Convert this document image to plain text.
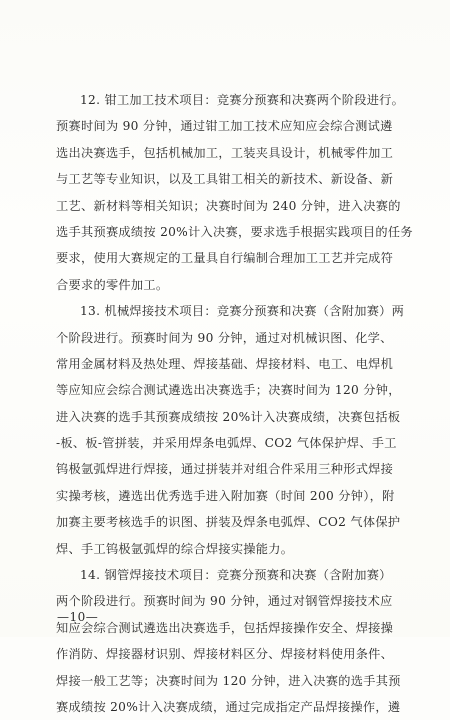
12. 钳工加工技术项目：竞赛分预赛和决赛两个阶段进行。
预赛时间为 90 分钟，通过钳工加工技术应知应会综合测试遴
选出决赛选手，包括机械加工，工装夹具设计，机械零件加工
与工艺等专业知识，以及工具钳工相关的新技术、新设备、新
工艺、新材料等相关知识；决赛时间为 240 分钟，进入决赛的
选手其预赛成绩按 20%计入决赛，要求选手根据实践项目的任务
要求，使用大赛规定的工量具自行编制合理加工工艺并完成符
合要求的零件加工。
13. 机械焊接技术项目：竞赛分预赛和决赛（含附加赛）两
个阶段进行。预赛时间为 90 分钟，通过对机械识图、化学、
常用金属材料及热处理、焊接基础、焊接材料、电工、电焊机
等应知应会综合测试遴选出决赛选手；决赛时间为 120 分钟，
进入决赛的选手其预赛成绩按 20%计入决赛成绩，决赛包括板
-板、板-管拼装，并采用焊条电弧焊、CO2 气体保护焊、手工
钨极氩弧焊进行焊接，通过拼装并对组合件采用三种形式焊接
实操考核，遴选出优秀选手进入附加赛（时间 200 分钟），附
加赛主要考核选手的识图、拼装及焊条电弧焊、CO2 气体保护
焊、手工钨极氩弧焊的综合焊接实操能力。
14. 钢管焊接技术项目：竞赛分预赛和决赛（含附加赛）
两个阶段进行。预赛时间为 90 分钟，通过对钢管焊接技术应
知应会综合测试遴选出决赛选手，包括焊接操作安全、焊接操
作消防、焊接器材识别、焊接材料区分、焊接材料使用条件、
焊接一般工艺等；决赛时间为 120 分钟，进入决赛的选手其预
赛成绩按 20%计入决赛成绩，通过完成指定产品焊接操作，遴
—10—
